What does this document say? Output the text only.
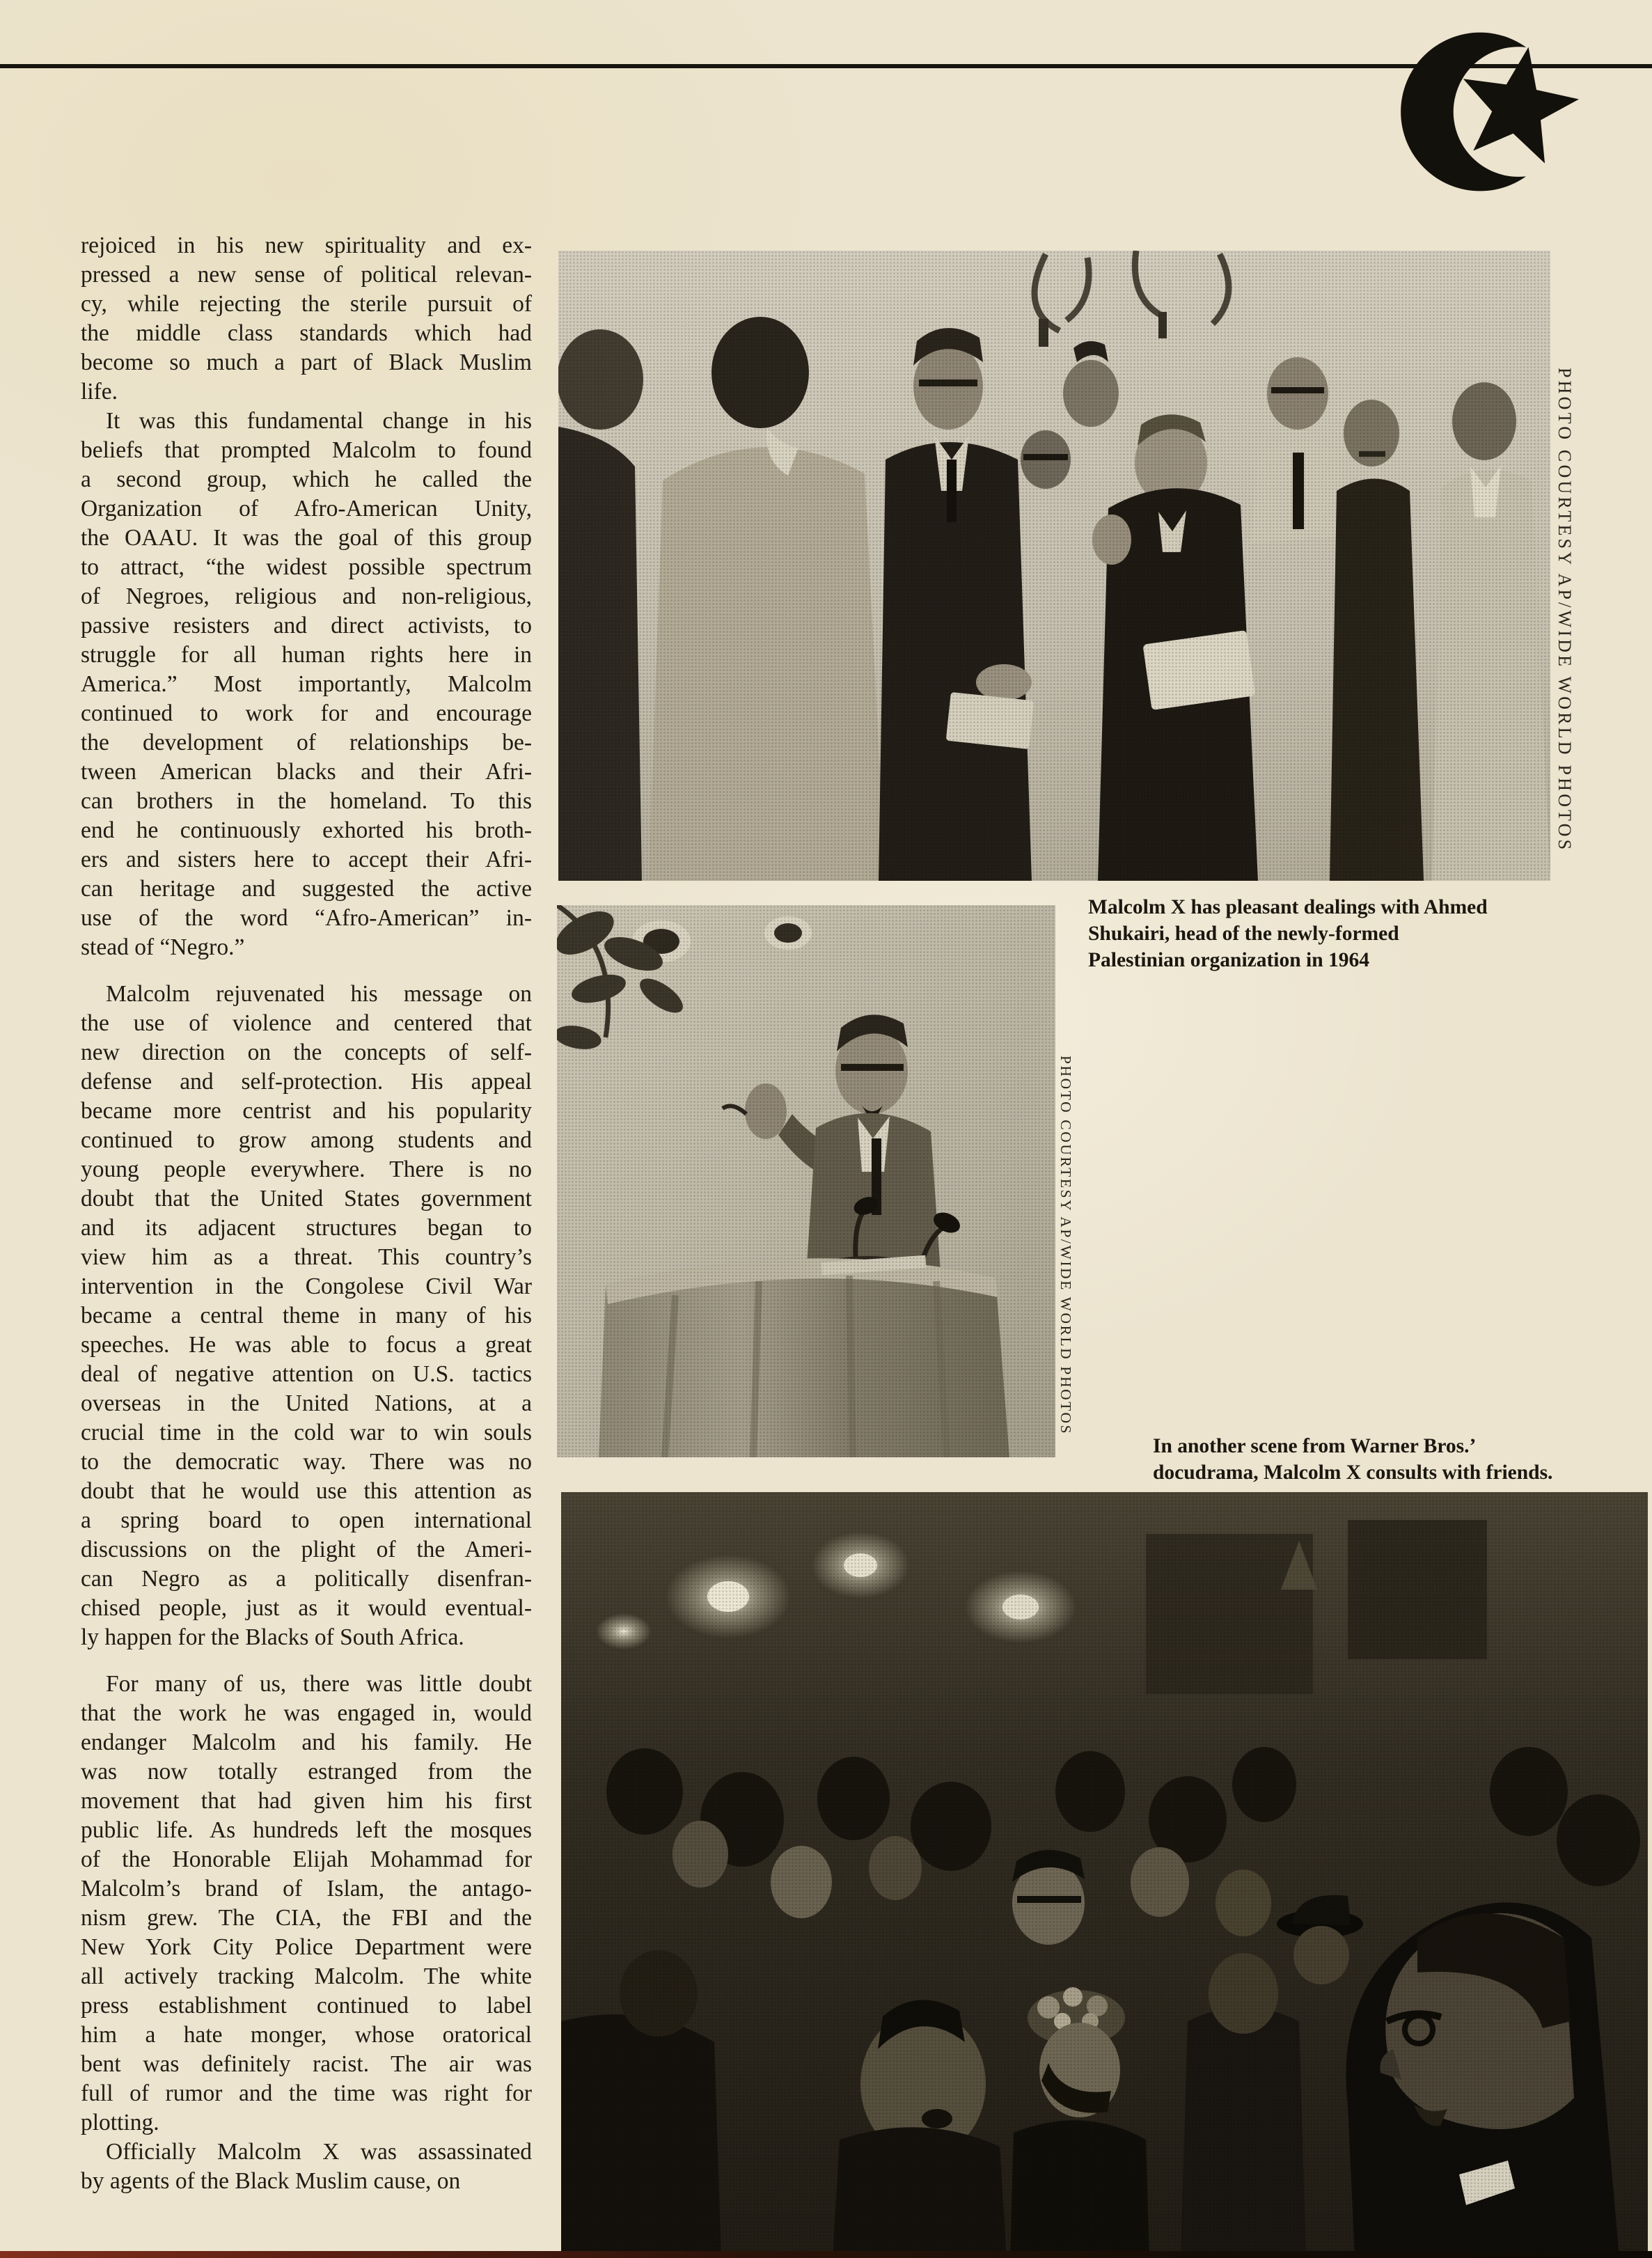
rejoiced in his new spirituality and ex-
pressed a new sense of political relevan-
cy, while rejecting the sterile pursuit of
the middle class standards which had
become so much a part of Black Muslim
life.
It was this fundamental change in his
beliefs that prompted Malcolm to found
a second group, which he called the
Organization of Afro-American Unity,
the OAAU. It was the goal of this group
to attract, “the widest possible spectrum
of Negroes, religious and non-religious,
passive resisters and direct activists, to
struggle for all human rights here in
America.” Most importantly, Malcolm
continued to work for and encourage
the development of relationships be-
tween American blacks and their Afri-
can brothers in the homeland. To this
end he continuously exhorted his broth-
ers and sisters here to accept their Afri-
can heritage and suggested the active
use of the word “Afro-American” in-
stead of “Negro.”
Malcolm rejuvenated his message on
the use of violence and centered that
new direction on the concepts of self-
defense and self-protection. His appeal
became more centrist and his popularity
continued to grow among students and
young people everywhere. There is no
doubt that the United States government
and its adjacent structures began to
view him as a threat. This country’s
intervention in the Congolese Civil War
became a central theme in many of his
speeches. He was able to focus a great
deal of negative attention on U.S. tactics
overseas in the United Nations, at a
crucial time in the cold war to win souls
to the democratic way. There was no
doubt that he would use this attention as
a spring board to open international
discussions on the plight of the Ameri-
can Negro as a politically disenfran-
chised people, just as it would eventual-
ly happen for the Blacks of South Africa.
For many of us, there was little doubt
that the work he was engaged in, would
endanger Malcolm and his family. He
was now totally estranged from the
movement that had given him his first
public life. As hundreds left the mosques
of the Honorable Elijah Mohammad for
Malcolm’s brand of Islam, the antago-
nism grew. The CIA, the FBI and the
New York City Police Department were
all actively tracking Malcolm. The white
press establishment continued to label
him a hate monger, whose oratorical
bent was definitely racist. The air was
full of rumor and the time was right for
plotting.
Officially Malcolm X was assassinated
by agents of the Black Muslim cause, on
PHOTO COURTESY AP/WIDE WORLD PHOTOS
Malcolm X has pleasant dealings with Ahmed
Shukairi, head of the newly-formed
Palestinian organization in 1964
PHOTO COURTESY AP/WIDE WORLD PHOTOS
In another scene from Warner Bros.’
docudrama, Malcolm X consults with friends.
